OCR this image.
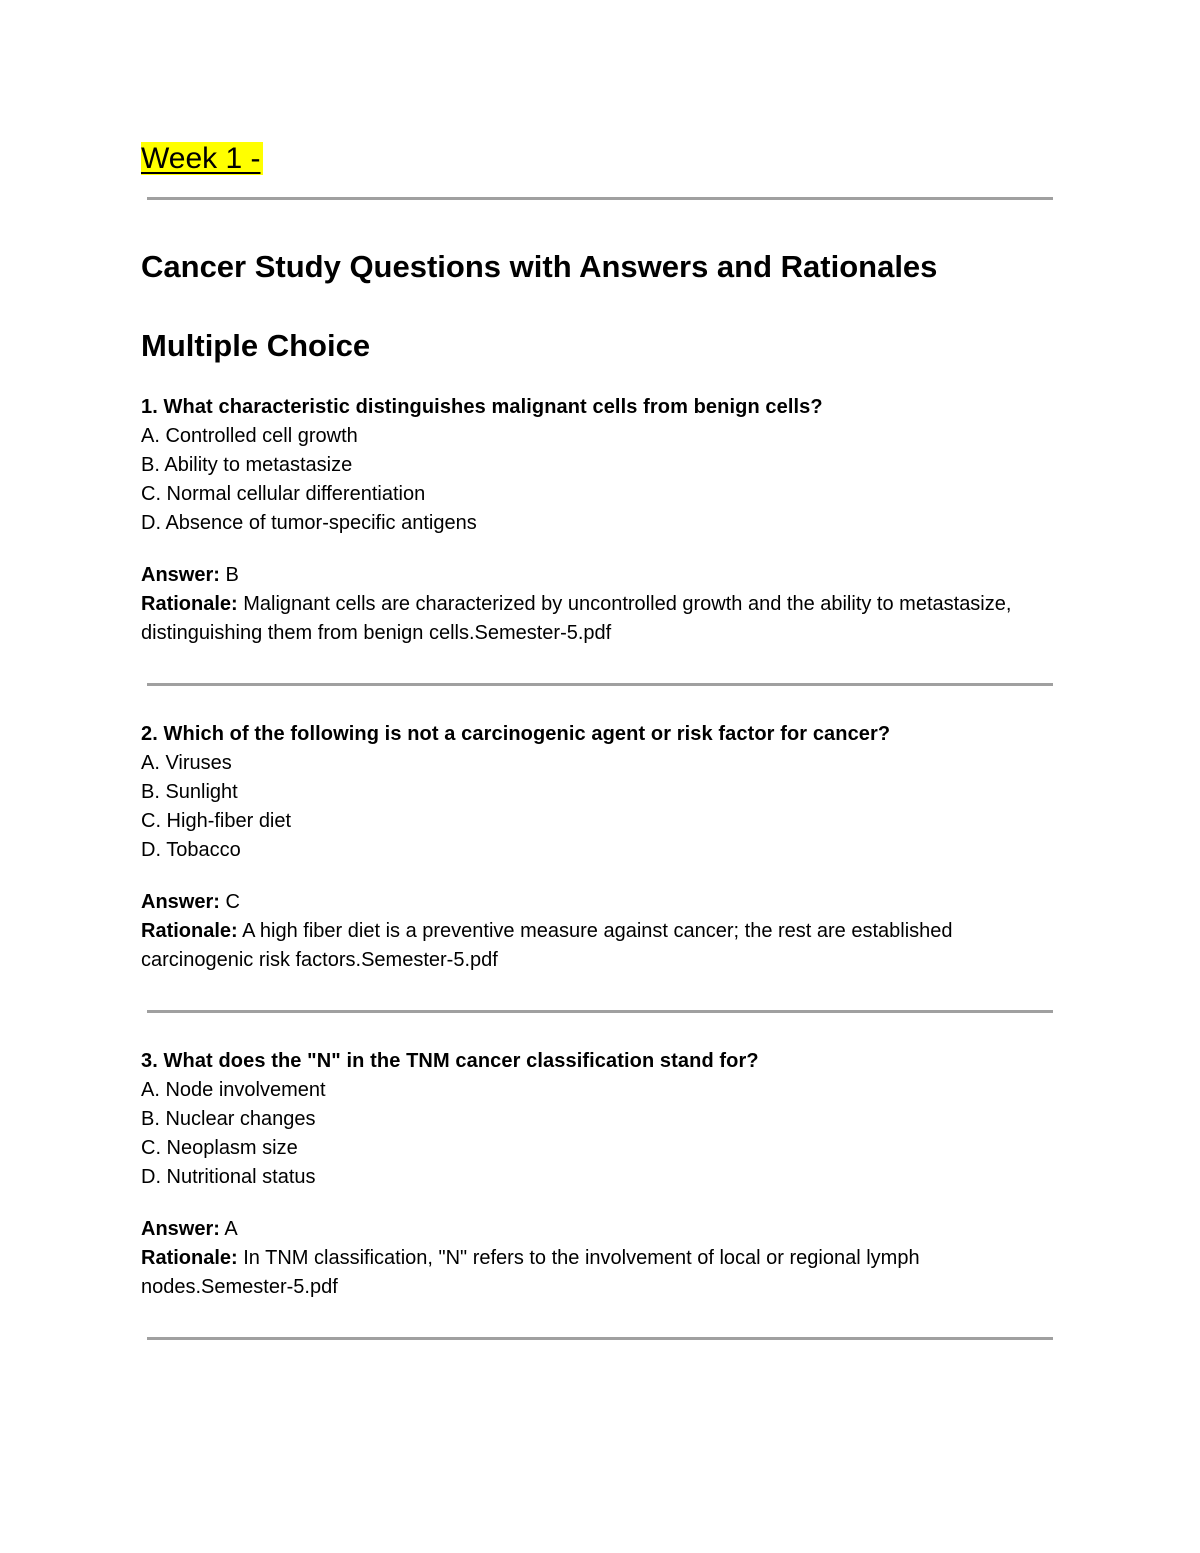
Week 1 -
Cancer Study Questions with Answers and Rationales
Multiple Choice

1. What characteristic distinguishes malignant cells from benign cells?

A. Controlled cell growth
B. Ability to metastasize
C. Normal cellular differentiation
D. Absence of tumor-specific antigens

Answer: B

Rationale: Malignant cells are characterized by uncontrolled growth and the ability to metastasize, distinguishing them from benign cells.Semester-5.pdf

2. Which of the following is not a carcinogenic agent or risk factor for cancer?

A. Viruses
B. Sunlight
C. High-fiber diet
D. Tobacco

Answer: C

Rationale: A high fiber diet is a preventive measure against cancer; the rest are established carcinogenic risk factors.Semester-5.pdf

3. What does the "N" in the TNM cancer classification stand for?

A. Node involvement
B. Nuclear changes
C. Neoplasm size
D. Nutritional status

Answer: A

Rationale: In TNM classification, "N" refers to the involvement of local or regional lymph nodes.Semester-5.pdf
